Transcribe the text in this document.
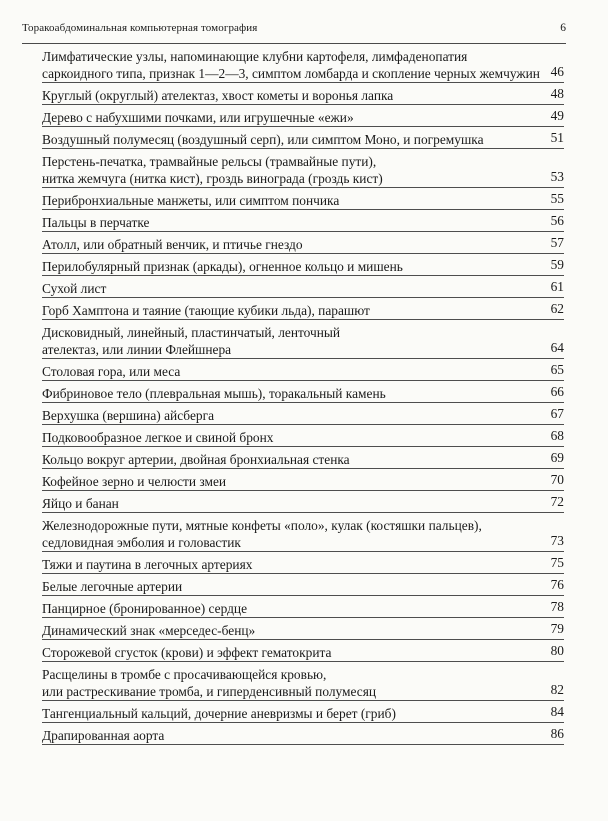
Торакоабдоминальная компьютерная томография	6
Лимфатические узлы, напоминающие клубни картофеля, лимфаденопатия
саркоидного типа, признак 1—2—3, симптом ломбарда и скопление черных жемчужин 46
Круглый (округлый) ателектаз, хвост кометы и воронья лапка	48
Дерево с набухшими почками, или игрушечные «ежи»	49
Воздушный полумесяц (воздушный серп), или симптом Моно, и погремушка	51
Перстень-печатка, трамвайные рельсы (трамвайные пути),
нитка жемчуга (нитка кист), гроздь винограда (гроздь кист)	53
Перибронхиальные манжеты, или симптом пончика	55
Пальцы в перчатке	56
Атолл, или обратный венчик, и птичье гнездо	57
Перилобулярный признак (аркады), огненное кольцо и мишень	59
Сухой лист	61
Горб Хамптона и таяние (тающие кубики льда), парашют	62
Дисковидный, линейный, пластинчатый, ленточный
ателектаз, или линии Флейшнера	64
Столовая гора, или меса	65
Фибриновое тело (плевральная мышь), торакальный камень	66
Верхушка (вершина) айсберга	67
Подковообразное легкое и свиной бронх	68
Кольцо вокруг артерии, двойная бронхиальная стенка	69
Кофейное зерно и челюсти змеи	70
Яйцо и банан	72
Железнодорожные пути, мятные конфеты «поло», кулак (костяшки пальцев),
седловидная эмболия и головастик	73
Тяжи и паутина в легочных артериях	75
Белые легочные артерии	76
Панцирное (бронированное) сердце	78
Динамический знак «мерседес-бенц»	79
Сторожевой сгусток (крови) и эффект гематокрита	80
Расщелины в тромбе с просачивающейся кровью,
или растрескивание тромба, и гиперденсивный полумесяц	82
Тангенциальный кальций, дочерние аневризмы и берет (гриб)	84
Драпированная аорта	86
